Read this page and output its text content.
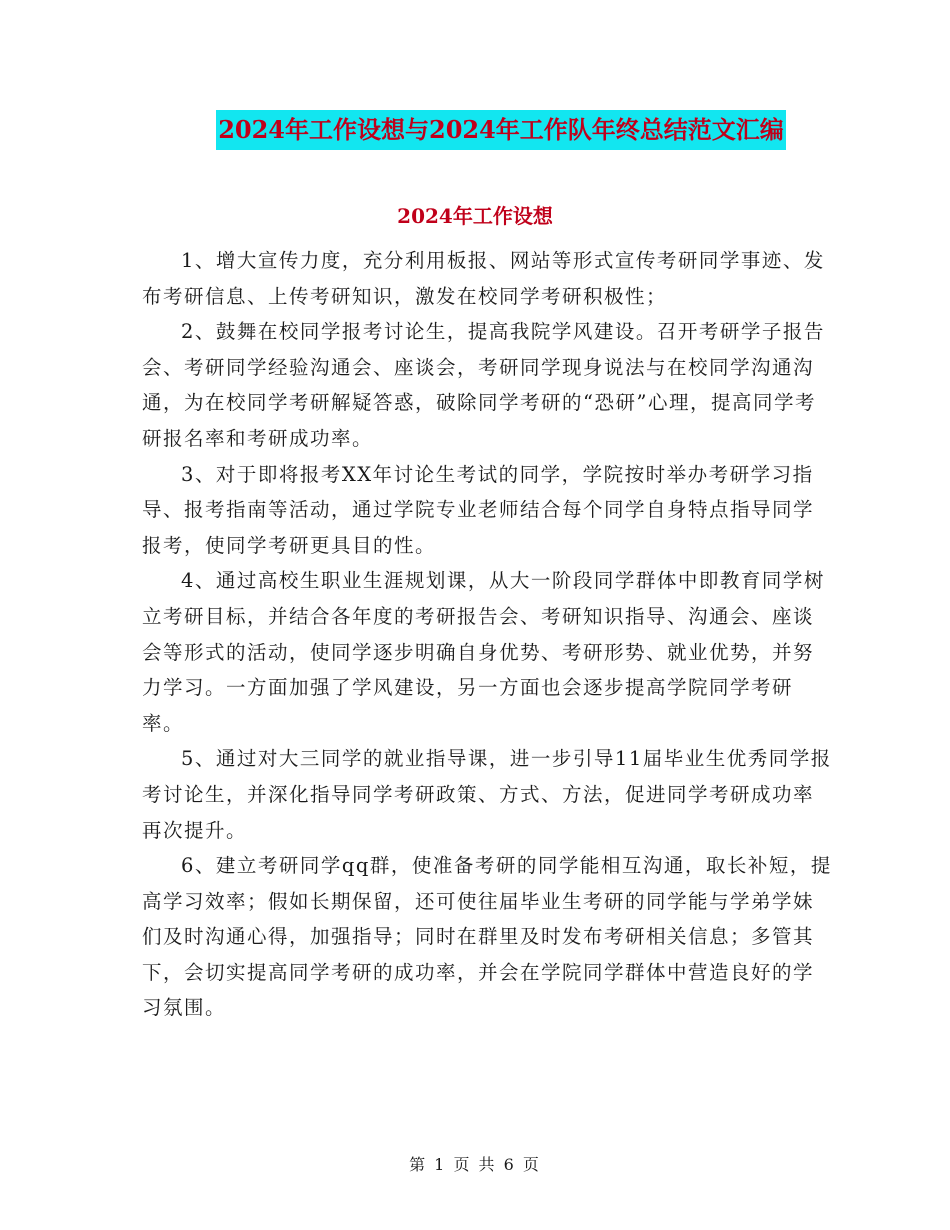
2024年工作设想与2024年工作队年终总结范文汇编
2024年工作设想

1、增大宣传力度，充分利用板报、网站等形式宣传考研同学事迹、发布考研信息、上传考研知识，激发在校同学考研积极性；

2、鼓舞在校同学报考讨论生，提高我院学风建设。召开考研学子报告会、考研同学经验沟通会、座谈会，考研同学现身说法与在校同学沟通沟通，为在校同学考研解疑答惑，破除同学考研的“恐研”心理，提高同学考研报名率和考研成功率。

3、对于即将报考XX年讨论生考试的同学，学院按时举办考研学习指导、报考指南等活动，通过学院专业老师结合每个同学自身特点指导同学报考，使同学考研更具目的性。

4、通过高校生职业生涯规划课，从大一阶段同学群体中即教育同学树立考研目标，并结合各年度的考研报告会、考研知识指导、沟通会、座谈会等形式的活动，使同学逐步明确自身优势、考研形势、就业优势，并努力学习。一方面加强了学风建设，另一方面也会逐步提高学院同学考研率。

5、通过对大三同学的就业指导课，进一步引导11届毕业生优秀同学报考讨论生，并深化指导同学考研政策、方式、方法，促进同学考研成功率再次提升。

6、建立考研同学qq群，使准备考研的同学能相互沟通，取长补短，提高学习效率；假如长期保留，还可使往届毕业生考研的同学能与学弟学妹们及时沟通心得，加强指导；同时在群里及时发布考研相关信息；多管其下，会切实提高同学考研的成功率，并会在学院同学群体中营造良好的学习氛围。

第 1 页 共 6 页
